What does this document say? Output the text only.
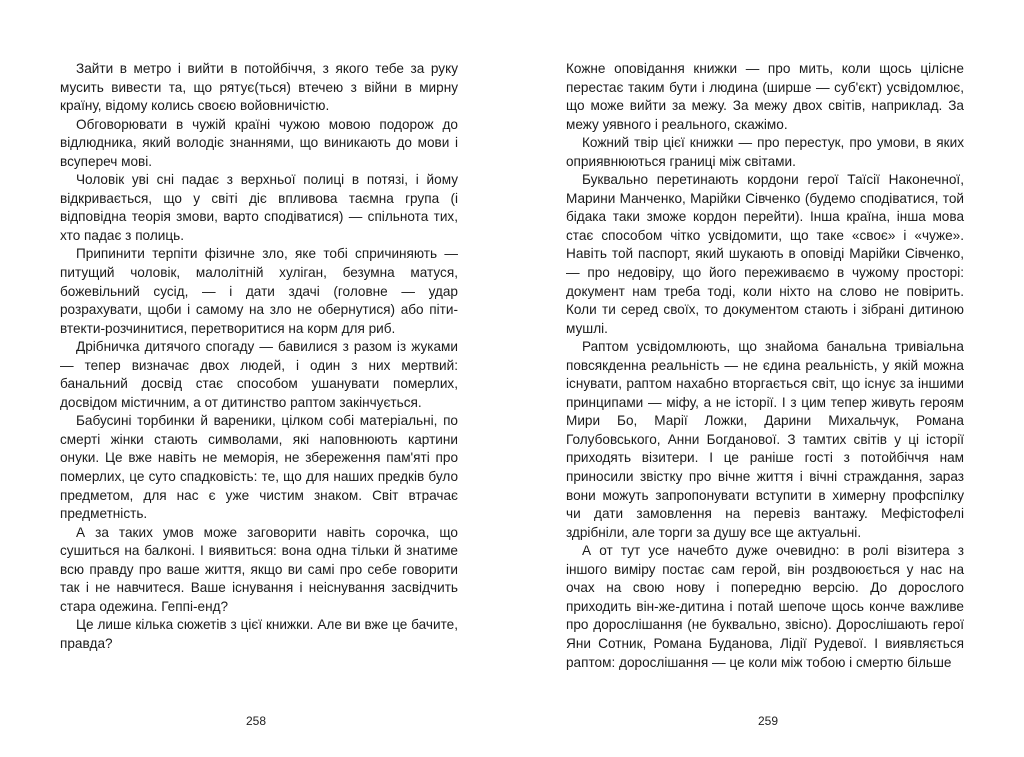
Зайти в метро і вийти в потойбіччя, з якого тебе за руку мусить вивести та, що рятує(ться) втечею з війни в мирну країну, відому колись своєю войовничістю.

Обговорювати в чужій країні чужою мовою подорож до відлюдника, який володіє знаннями, що виникають до мови і всупереч мові.

Чоловік уві сні падає з верхньої полиці в потязі, і йому відкривається, що у світі діє впливова таємна група (і відповідна теорія змови, варто сподіватися) — спільнота тих, хто падає з полиць.

Припинити терпіти фізичне зло, яке тобі спричиняють — питущий чоловік, малолітній хуліган, безумна матуся, божевільний сусід, — і дати здачі (головне — удар розрахувати, щоби і самому на зло не обернутися) або піти-втекти-розчинитися, перетворитися на корм для риб.

Дрібничка дитячого спогаду — бавилися з разом із жуками — тепер визначає двох людей, і один з них мертвий: банальний досвід стає способом ушанувати померлих, досвідом містичним, а от дитинство раптом закінчується.

Бабусині торбинки й вареники, цілком собі матеріальні, по смерті жінки стають символами, які наповнюють картини онуки. Це вже навіть не меморія, не збереження пам'яті про померлих, це суто спадковість: те, що для наших предків було предметом, для нас є уже чистим знаком. Світ втрачає предметність.

А за таких умов може заговорити навіть сорочка, що сушиться на балконі. І виявиться: вона одна тільки й знатиме всю правду про ваше життя, якщо ви самі про себе говорити так і не навчитеся. Ваше існування і неіснування засвідчить стара одежина. Геппі-енд?

Це лише кілька сюжетів з цієї книжки. Але ви вже це бачите, правда?

Кожне оповідання книжки — про мить, коли щось цілісне перестає таким бути і людина (ширше — суб'єкт) усвідомлює, що може вийти за межу. За межу двох світів, наприклад. За межу уявного і реального, скажімо.

Кожний твір цієї книжки — про перестук, про умови, в яких оприявнюються границі між світами.

Буквально перетинають кордони герої Таїсії Наконечної, Марини Манченко, Марійки Сівченко (будемо сподіватися, той бідака таки зможе кордон перейти). Інша країна, інша мова стає способом чітко усвідомити, що таке «своє» і «чуже». Навіть той паспорт, який шукають в оповіді Марійки Сівченко, — про недовіру, що його переживаємо в чужому просторі: документ нам треба тоді, коли ніхто на слово не повірить. Коли ти серед своїх, то документом стають і зібрані дитиною мушлі.

Раптом усвідомлюють, що знайома банальна тривіальна повсякденна реальність — не єдина реальність, у якій можна існувати, раптом нахабно вторгається світ, що існує за іншими принципами — міфу, а не історії. І з цим тепер живуть героям Мири Бо, Марії Ложки, Дарини Михальчук, Романа Голубовського, Анни Богданової. З тамтих світів у ці історії приходять візитери. І це раніше гості з потойбіччя нам приносили звістку про вічне життя і вічні страждання, зараз вони можуть запропонувати вступити в химерну профспілку чи дати замовлення на перевіз вантажу. Мефістофелі здрібніли, але торги за душу все ще актуальні.

А от тут усе начебто дуже очевидно: в ролі візитера з іншого виміру постає сам герой, він роздвоюється у нас на очах на свою нову і попередню версію. До дорослого приходить він-же-дитина і потай шепоче щось конче важливе про дорослішання (не буквально, звісно). Дорослішають герої Яни Сотник, Романа Буданова, Лідії Рудевої. І виявляється раптом: дорослішання — це коли між тобою і смертю більше

258	259
